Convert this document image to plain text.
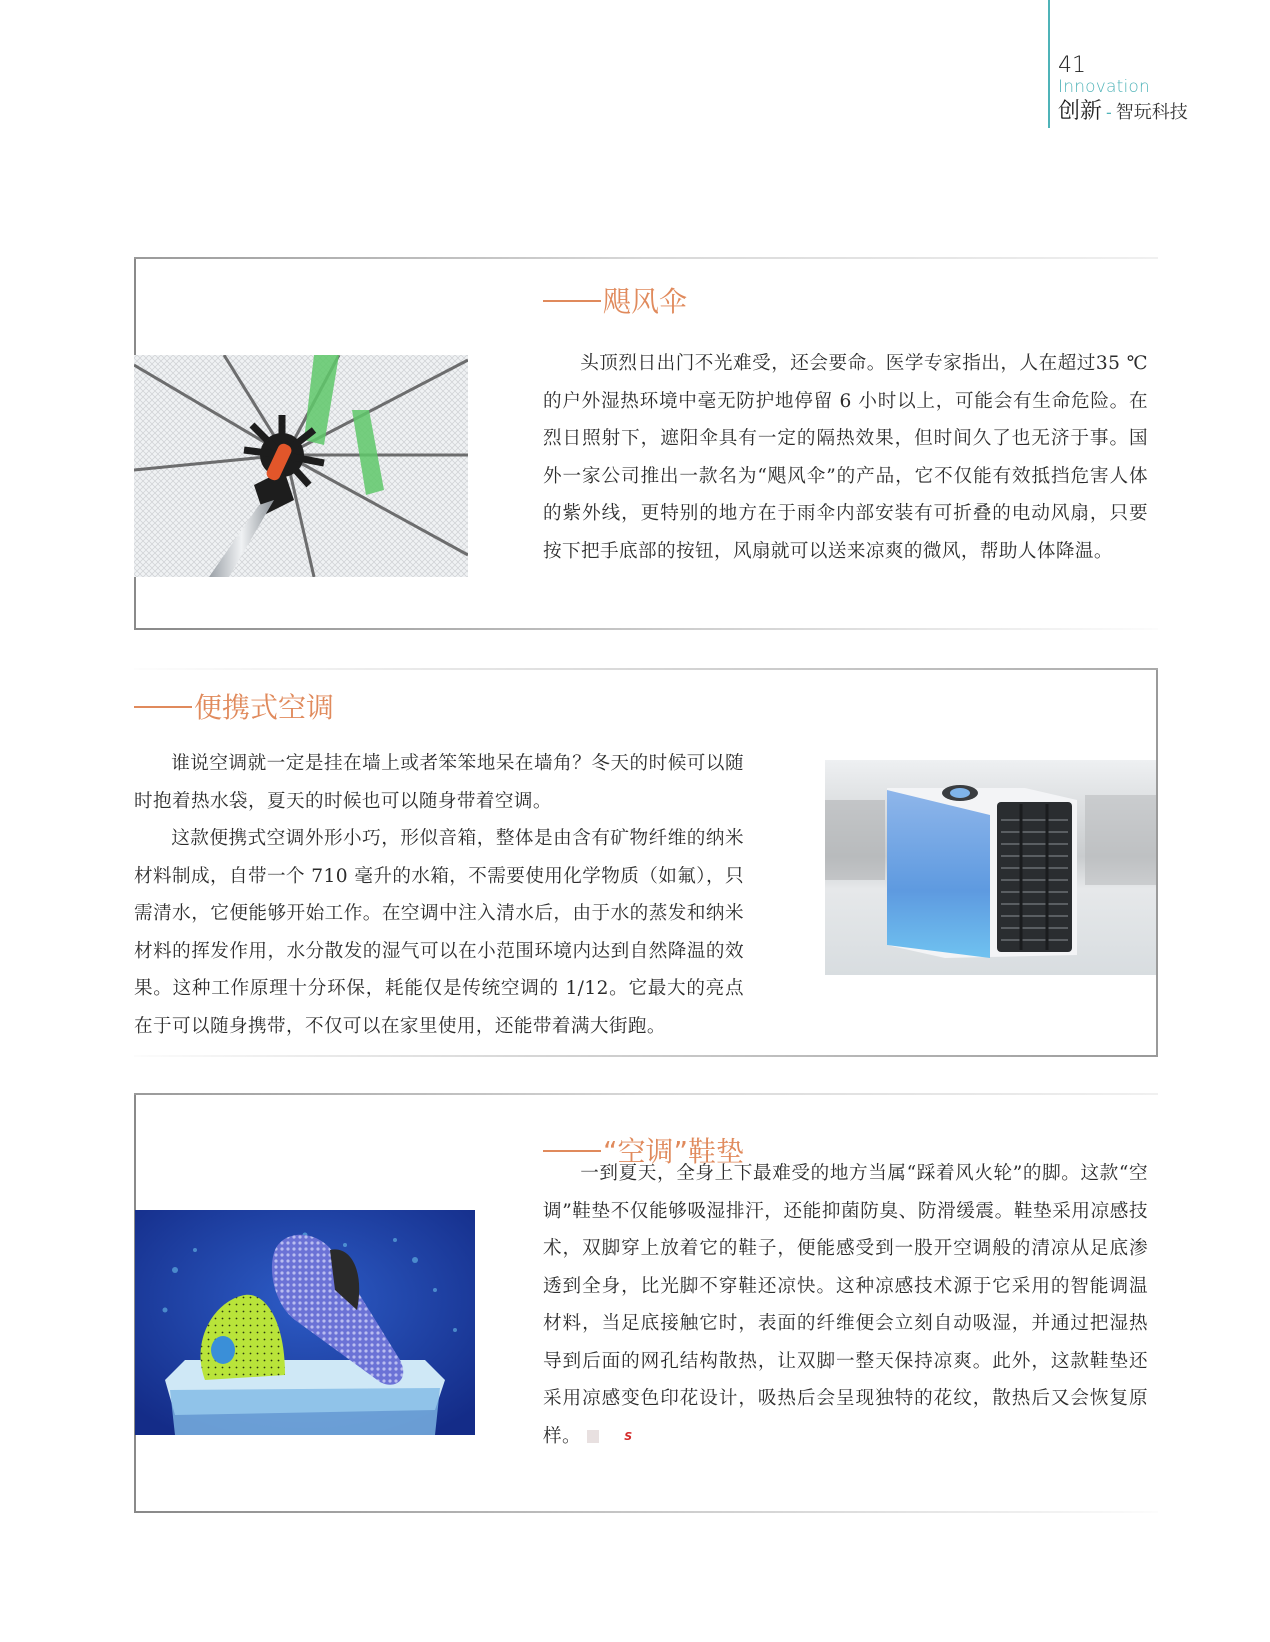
41
Innovation
创新 - 智玩科技
飓风伞

头顶烈日出门不光难受，还会要命。医学专家指出，人在超过35 ℃的户外湿热环境中毫无防护地停留 6 小时以上，可能会有生命危险。在烈日照射下，遮阳伞具有一定的隔热效果，但时间久了也无济于事。国外一家公司推出一款名为“飓风伞”的产品，它不仅能有效抵挡危害人体的紫外线，更特别的地方在于雨伞内部安装有可折叠的电动风扇，只要按下把手底部的按钮，风扇就可以送来凉爽的微风，帮助人体降温。

便携式空调

谁说空调就一定是挂在墙上或者笨笨地呆在墙角？冬天的时候可以随时抱着热水袋，夏天的时候也可以随身带着空调。

这款便携式空调外形小巧，形似音箱，整体是由含有矿物纤维的纳米材料制成，自带一个 710 毫升的水箱，不需要使用化学物质（如氟），只需清水，它便能够开始工作。在空调中注入清水后，由于水的蒸发和纳米材料的挥发作用，水分散发的湿气可以在小范围环境内达到自然降温的效果。这种工作原理十分环保，耗能仅是传统空调的 1/12。它最大的亮点在于可以随身携带，不仅可以在家里使用，还能带着满大街跑。

“空调”鞋垫

一到夏天，全身上下最难受的地方当属“踩着风火轮”的脚。这款“空调”鞋垫不仅能够吸湿排汗，还能抑菌防臭、防滑缓震。鞋垫采用凉感技术，双脚穿上放着它的鞋子，便能感受到一股开空调般的清凉从足底渗透到全身，比光脚不穿鞋还凉快。这种凉感技术源于它采用的智能调温材料，当足底接触它时，表面的纤维便会立刻自动吸湿，并通过把湿热导到后面的网孔结构散热，让双脚一整天保持凉爽。此外，这款鞋垫还采用凉感变色印花设计，吸热后会呈现独特的花纹，散热后又会恢复原样。	S
